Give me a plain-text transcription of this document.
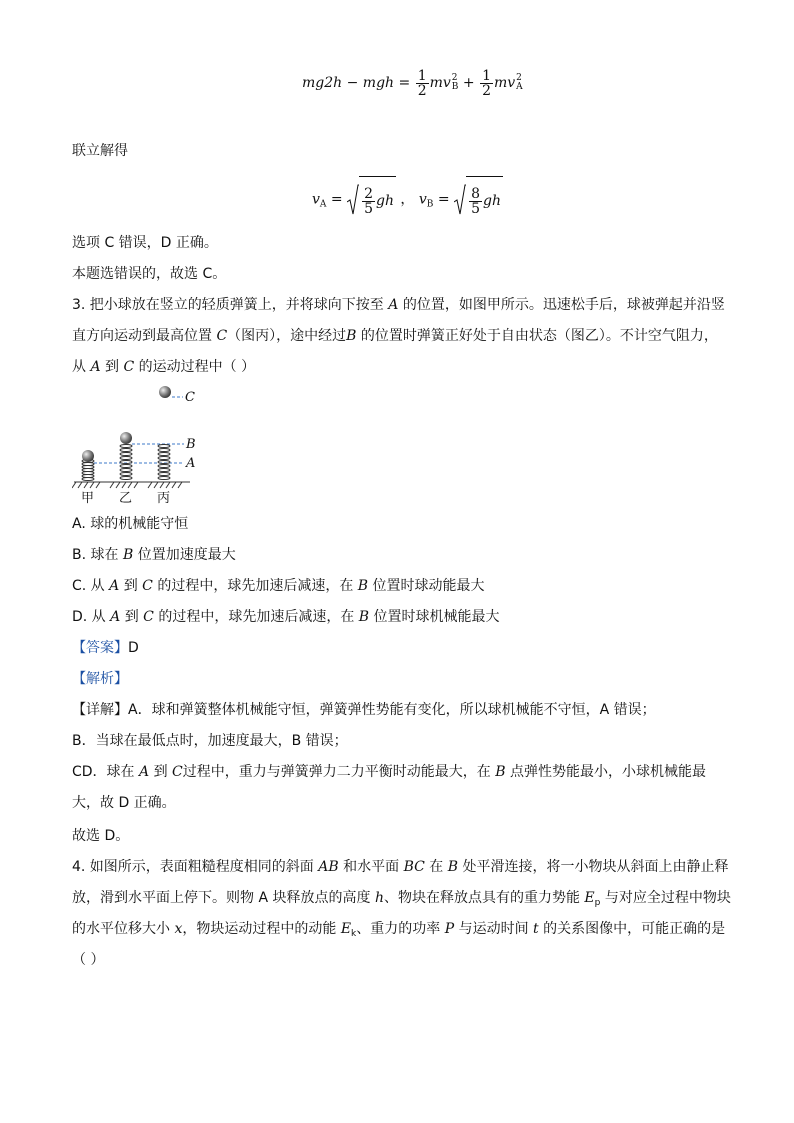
mg2h − mgh = $\frac{1}{2}$ mv 2
$B + \frac{1}{2}$ mv 2
A
联立解得
$v_A = \frac{2}{5}$ gh ， $v_B = \frac{8}{5}$ gh
选项 C 错误，D 正确。
本题选错误的，故选 C。
3. 把小球放在竖立的轻质弹簧上，并将球向下按至 A 的位置，如图甲所示。迅速松手后，球被弹起并沿竖
直方向运动到最高位置 C（图丙），途中经过B 的位置时弹簧正好处于自由状态（图乙）。不计空气阻力，
从 A 到 C 的运动过程中（ ）
C
B
A
甲 乙 丙
A. 球的机械能守恒
B. 球在 B 位置加速度最大
C. 从 A 到 C 的过程中，球先加速后减速，在 B 位置时球动能最大
D. 从 A 到 C 的过程中，球先加速后减速，在 B 位置时球机械能最大
【答案】D
【解析】
【详解】A．球和弹簧整体机械能守恒，弹簧弹性势能有变化，所以球机械能不守恒，A 错误；
B．当球在最低点时，加速度最大，B 错误；
CD．球在 A 到 C过程中，重力与弹簧弹力二力平衡时动能最大，在 B 点弹性势能最小，小球机械能最
大，故 D 正确。
故选 D。
4. 如图所示，表面粗糙程度相同的斜面 AB 和水平面 BC 在 B 处平滑连接，将一小物块从斜面上由静止释
放，滑到水平面上停下。则物 A 块释放点的高度 h、物块在释放点具有的重力势能 $E_p$ 与对应全过程中物块
的水平位移大小 x，物块运动过程中的动能 $E_k$、重力的功率 P 与运动时间 t 的关系图像中，可能正确的是
（ ）
